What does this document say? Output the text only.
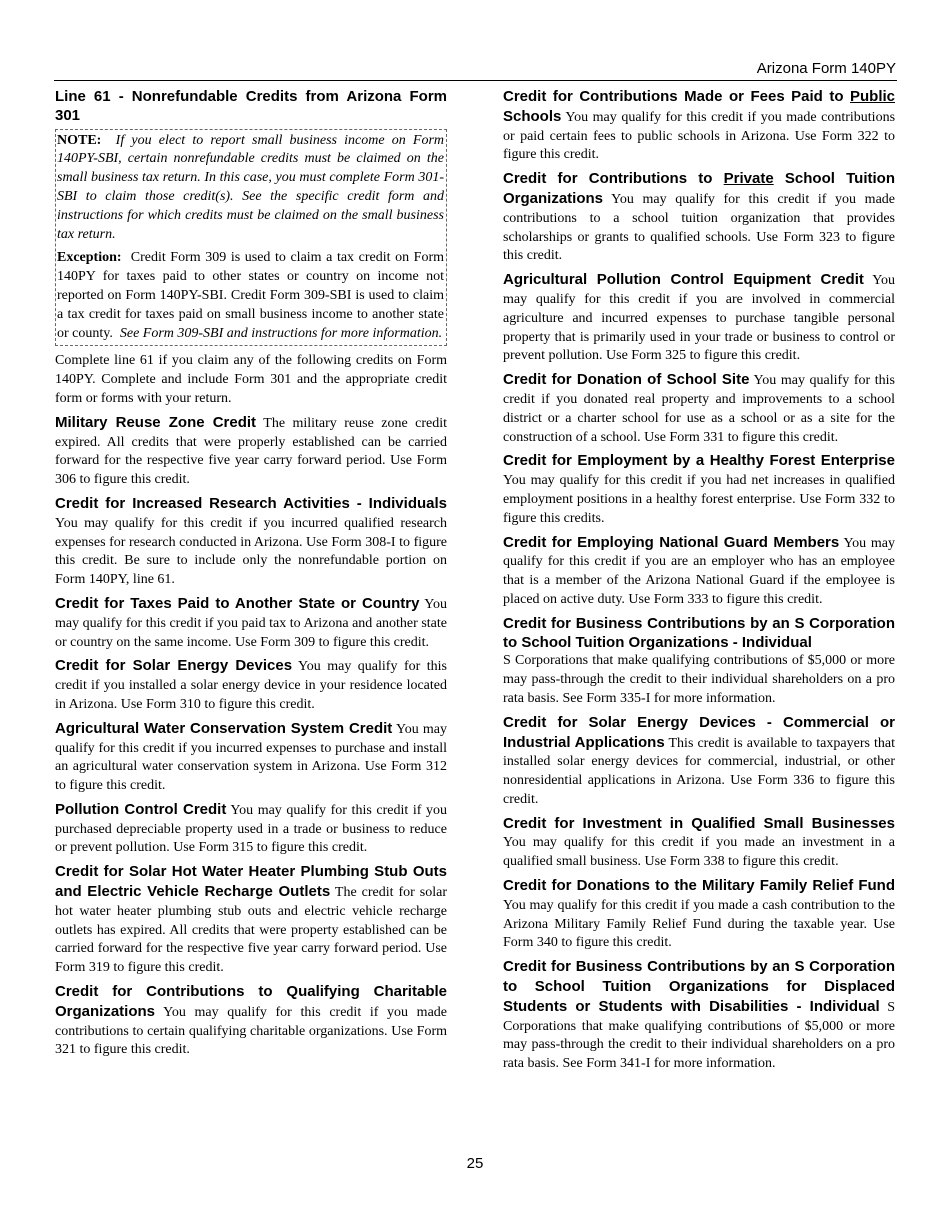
Arizona Form 140PY

Line 61 - Nonrefundable Credits from Arizona Form 301

NOTE: If you elect to report small business income on Form 140PY-SBI, certain nonrefundable credits must be claimed on the small business tax return. In this case, you must complete Form 301-SBI to claim those credit(s). See the specific credit form and instructions for which credits must be claimed on the small business tax return.

Exception: Credit Form 309 is used to claim a tax credit on Form 140PY for taxes paid to other states or country on income not reported on Form 140PY-SBI. Credit Form 309-SBI is used to claim a tax credit for taxes paid on small business income to another state or county. See Form 309-SBI and instructions for more information.

Complete line 61 if you claim any of the following credits on Form 140PY. Complete and include Form 301 and the appropriate credit form or forms with your return.

Military Reuse Zone Credit The military reuse zone credit expired. All credits that were properly established can be carried forward for the respective five year carry forward period. Use Form 306 to figure this credit.

Credit for Increased Research Activities - Individuals You may qualify for this credit if you incurred qualified research expenses for research conducted in Arizona. Use Form 308-I to figure this credit. Be sure to include only the nonrefundable portion on Form 140PY, line 61.

Credit for Taxes Paid to Another State or Country You may qualify for this credit if you paid tax to Arizona and another state or country on the same income. Use Form 309 to figure this credit.

Credit for Solar Energy Devices You may qualify for this credit if you installed a solar energy device in your residence located in Arizona. Use Form 310 to figure this credit.

Agricultural Water Conservation System Credit You may qualify for this credit if you incurred expenses to purchase and install an agricultural water conservation system in Arizona. Use Form 312 to figure this credit.

Pollution Control Credit You may qualify for this credit if you purchased depreciable property used in a trade or business to reduce or prevent pollution. Use Form 315 to figure this credit.

Credit for Solar Hot Water Heater Plumbing Stub Outs and Electric Vehicle Recharge Outlets The credit for solar hot water heater plumbing stub outs and electric vehicle recharge outlets has expired. All credits that were property established can be carried forward for the respective five year carry forward period. Use Form 319 to figure this credit.

Credit for Contributions to Qualifying Charitable Organizations You may qualify for this credit if you made contributions to certain qualifying charitable organizations. Use Form 321 to figure this credit.

Credit for Contributions Made or Fees Paid to Public Schools You may qualify for this credit if you made contributions or paid certain fees to public schools in Arizona. Use Form 322 to figure this credit.

Credit for Contributions to Private School Tuition Organizations You may qualify for this credit if you made contributions to a school tuition organization that provides scholarships or grants to qualified schools. Use Form 323 to figure this credit.

Agricultural Pollution Control Equipment Credit You may qualify for this credit if you are involved in commercial agriculture and incurred expenses to purchase tangible personal property that is primarily used in your trade or business to control or prevent pollution. Use Form 325 to figure this credit.

Credit for Donation of School Site You may qualify for this credit if you donated real property and improvements to a school district or a charter school for use as a school or as a site for the construction of a school. Use Form 331 to figure this credit.

Credit for Employment by a Healthy Forest Enterprise You may qualify for this credit if you had net increases in qualified employment positions in a healthy forest enterprise. Use Form 332 to figure this credits.

Credit for Employing National Guard Members You may qualify for this credit if you are an employer who has an employee that is a member of the Arizona National Guard if the employee is placed on active duty. Use Form 333 to figure this credit.

Credit for Business Contributions by an S Corporation to School Tuition Organizations - Individual

S Corporations that make qualifying contributions of $5,000 or more may pass-through the credit to their individual shareholders on a pro rata basis. See Form 335-I for more information.

Credit for Solar Energy Devices - Commercial or Industrial Applications This credit is available to taxpayers that installed solar energy devices for commercial, industrial, or other nonresidential applications in Arizona. Use Form 336 to figure this credit.

Credit for Investment in Qualified Small Businesses You may qualify for this credit if you made an investment in a qualified small business. Use Form 338 to figure this credit.

Credit for Donations to the Military Family Relief Fund You may qualify for this credit if you made a cash contribution to the Arizona Military Family Relief Fund during the taxable year. Use Form 340 to figure this credit.

Credit for Business Contributions by an S Corporation to School Tuition Organizations for Displaced Students or Students with Disabilities - Individual S Corporations that make qualifying contributions of $5,000 or more may pass-through the credit to their individual shareholders on a pro rata basis. See Form 341-I for more information.

25
